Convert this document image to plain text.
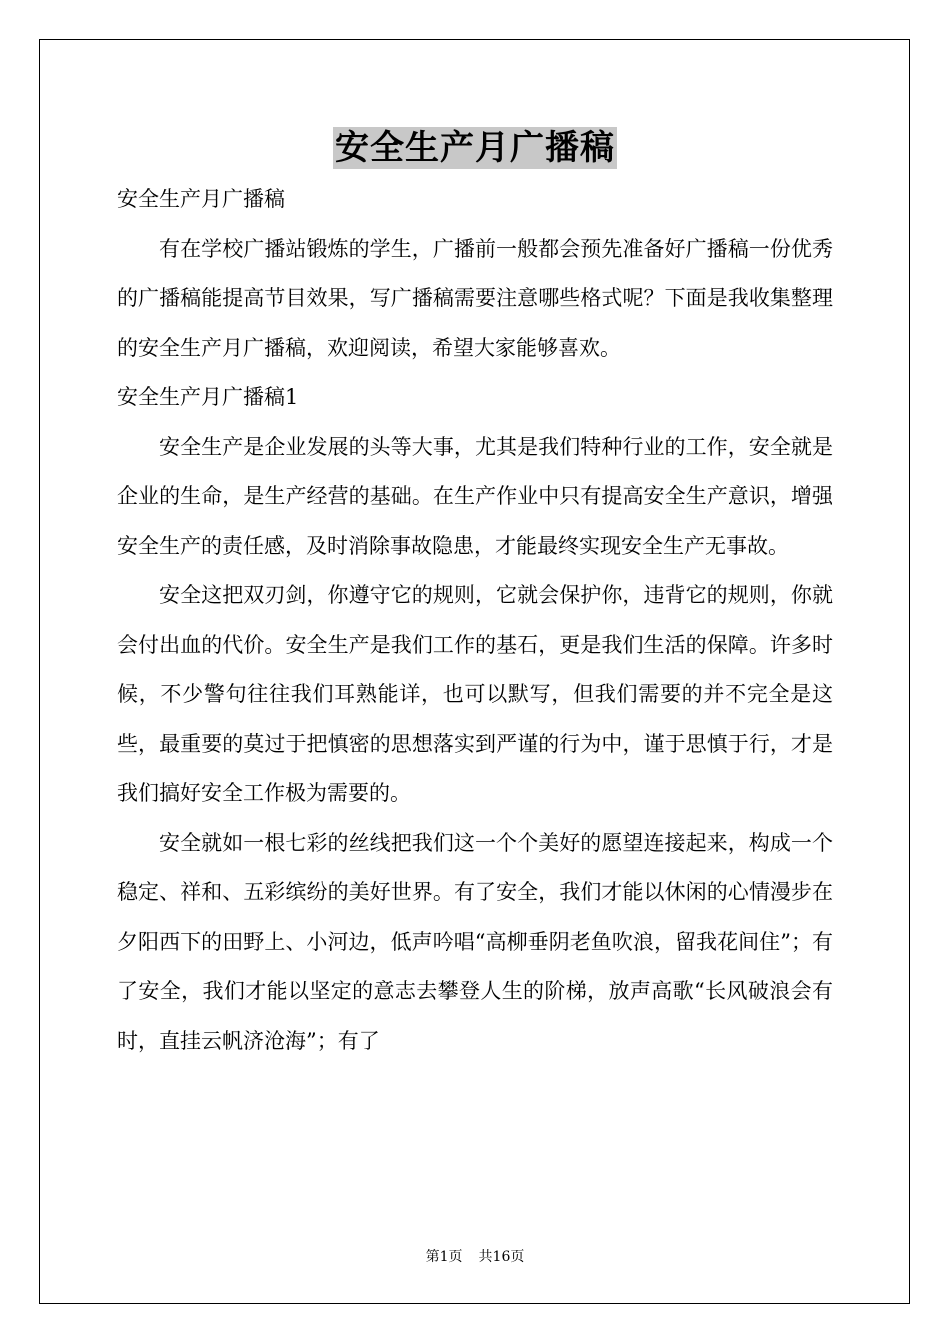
安全生产月广播稿

安全生产月广播稿

有在学校广播站锻炼的学生，广播前一般都会预先准备好广播稿一份优秀的广播稿能提高节目效果，写广播稿需要注意哪些格式呢？下面是我收集整理的安全生产月广播稿，欢迎阅读，希望大家能够喜欢。

安全生产月广播稿1

安全生产是企业发展的头等大事，尤其是我们特种行业的工作，安全就是企业的生命，是生产经营的基础。在生产作业中只有提高安全生产意识，增强安全生产的责任感，及时消除事故隐患，才能最终实现安全生产无事故。

安全这把双刃剑，你遵守它的规则，它就会保护你，违背它的规则，你就会付出血的代价。安全生产是我们工作的基石，更是我们生活的保障。许多时候，不少警句往往我们耳熟能详，也可以默写，但我们需要的并不完全是这些，最重要的莫过于把慎密的思想落实到严谨的行为中，谨于思慎于行，才是我们搞好安全工作极为需要的。

安全就如一根七彩的丝线把我们这一个个美好的愿望连接起来，构成一个稳定、祥和、五彩缤纷的美好世界。有了安全，我们才能以休闲的心情漫步在夕阳西下的田野上、小河边，低声吟唱“高柳垂阴老鱼吹浪，留我花间住”；有了安全，我们才能以坚定的意志去攀登人生的阶梯，放声高歌“长风破浪会有时，直挂云帆济沧海”；有了

第1页 共16页
